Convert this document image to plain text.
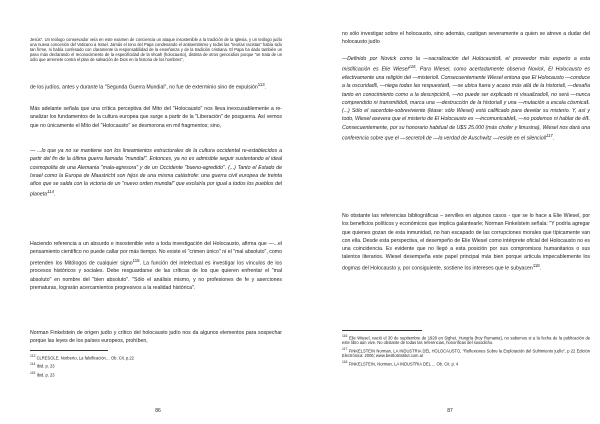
Jesús". Un teólogo conservador veía en este examen de conciencia un ataque insostenible a la tradición de la Iglesia, y un teólogo judío una nueva concesión del Vaticano a Israel. Jamás el tono del Papa condenando el antisemitismo y todas las "teorías racistas" había sido tan firme, ni había confesado con claramente la responsabilidad de la enseñanza y de la tradición cristiana. El Papa ha dado también un paso más declarando el reconocimiento de la especificidad de la shoah (holocausto), distinta de otros genocidios porque "se trata de un odio que arremete contra el plan de salvación de Dios en la historia de los hombres",
de los judíos, antes y durante la "Segunda Guerra Mundial", no fue de exterminio sino de expulsión$^{113}$.
Más adelante señala que una crítica perceptiva del Mito del "Holocausto" nos lleva inexcusablemente a re-analizar los fundamentos de la cultura europea que surge a partir de la "Liberación" de posguerra. Así vemos que no únicamente el Mito del "Holocausto" se desmorona en mil fragmentos; sino,
— ...lo que ya no se mantiene son los lineamientos estructurales de la cultura occidental re-establecidos a partir del fin de la última guerra llamada "mundial". Entonces, ya no es admisible seguir sustentando el ideal cosmopolita de una Alemania "mala-agresora" y de un Occidente "bueno-agredido". (...) Tanto el Estado de Israel como la Europa de Maastricht son hijos de una misma catástrofe: una guerra civil europea de treinta años que se salda con la victoria de un "nuevo orden mundial" que excluiría por igual a todos los pueblos del planeta$^{114}$.
Haciendo referencia a un absurdo e insostenible veto a toda investigación del Holocausto, afirma que —...el pensamiento científico no puede callar por más tiempo. No existe el "crimen único" ni el "mal absoluto", como pretenden los Mitólogos de cualquier signo$^{115}$. La función del intelectual es investigar los vínculos de los procesos históricos y sociales. Debe resguardarse de las críticas de los que quieren enfrentar el "mal absoluto" en nombre del "bien absoluto". "Sólo el análisis mismo, y no profesiones de fe y aserciones prematuras, lograrán acercamientos progresivos a la realidad histórica".
Norman Finkelstein de origen judío y crítico del holocausto judío nos da algunos elementos para sospechar porque las leyes de los países europeos, prohíben,
$^{113}$ CLRESOLE, Norberto, La falsificación… Ob. Cit. p.22
$^{114}$ Ibid. p. 23
$^{115}$ Ibid. p. 23
86
no sólo investigar sobre el holocausto, sino además, castigan severamente a quien se atreve a dudar del holocausto judío
—Definido por Novick como la —sacralización del Holocausto‖, el proveedor más experto a esta mistificación es Elie Wiesel$^{116}$. Para Wiesel, como acertadamente observa Novick, El Holocausto es efectivamente una religión del —misterio‖. Consecuentemente Wiesel entona que El Holocausto —conduce a la oscuridad‖, —niega todas las respuestas‖, —se ubica fuera y acaso más allá de la historia‖, —desafía tanto en conocimiento como a la descripción‖, —no puede ser explicado ni visualizado‖, no será —nunca comprendido ni transmitido‖, marca una —destrucción de la historia‖ y una —mutación a escala cósmica‖. (...) Sólo el sacerdote-sobreviviente (léase: sólo Wiesel) está calificado para develar su misterio. Y, así y todo, Wiesel asevera que el misterio de El Holocausto es —incomunicable‖, —no podemos ni hablar de él‖. Consecuentemente, por su honorario habitual de U$S 25.000 (más chofer y limusina), Wiesel nos dará una conferencia sobre que el —secreto‖ de —la verdad de Auschwitz —reside en el silencio‖$^{117}$.
No obstante las referencias bibliográficas – servilles en algunos casos - que se lo hace a Elie Wiesel, por los beneficios políticos y económicos que implica galantearle; Norman Finkelstein señala: "Y podría agregar que quienes gozan de esta inmunidad, no han escapado de las corrupciones morales que típicamente van con ella. Desde esta perspectiva, el desempeño de Elie Wiesel como intérprete oficial del Holocausto no es una coincidencia. Es evidente que no llegó a esta posición por sus compromisos humanitarios o sus talentos literarios. Wiesel desempeña este papel principal más bien porque articula impecablemente los dogmas del Holocausto y, por consiguiente, sostiene los intereses que le subyacen$^{118}$.
$^{116}$ Elie Wiesel, nació el 30 de septiembre de 1928 en Sighet, Hungría (hoy Rumania), no sabemos si a la fecha de la publicación de este libro aún vive. No obstante de todas las referencias, honorificas del susodicho.
$^{117}$ FINKELSTEIN Norman, LA INDUSTRIA DEL HOLOCAUSTO, "Reflexiones Sobre la Explotación del Sufrimiento judío", p 22 Edición Electrónica: 2006; www.bestlotinstitut.com.ar
$^{118}$ FINKELSTEIN, Norman, LA INDUSTRIA DEL ... Ob. Cit. p. 4
87
